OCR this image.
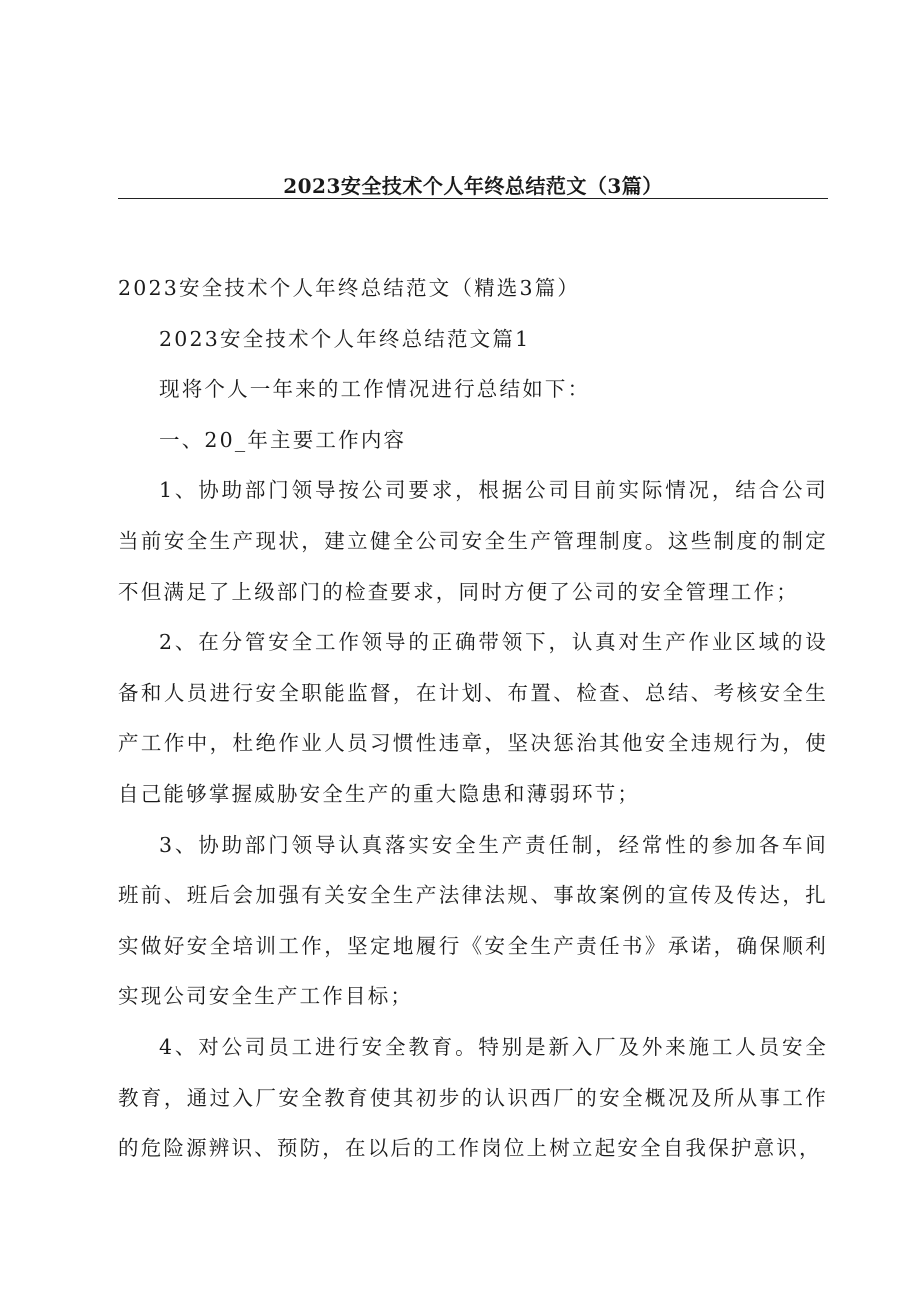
2023安全技术个人年终总结范文（3篇）

2023安全技术个人年终总结范文（精选3篇）

2023安全技术个人年终总结范文篇1

现将个人一年来的工作情况进行总结如下：

一、20_年主要工作内容

1、协助部门领导按公司要求，根据公司目前实际情况，结合公司当前安全生产现状，建立健全公司安全生产管理制度。这些制度的制定不但满足了上级部门的检查要求，同时方便了公司的安全管理工作；

2、在分管安全工作领导的正确带领下，认真对生产作业区域的设备和人员进行安全职能监督，在计划、布置、检查、总结、考核安全生产工作中，杜绝作业人员习惯性违章，坚决惩治其他安全违规行为，使自己能够掌握威胁安全生产的重大隐患和薄弱环节；

3、协助部门领导认真落实安全生产责任制，经常性的参加各车间班前、班后会加强有关安全生产法律法规、事故案例的宣传及传达，扎实做好安全培训工作，坚定地履行《安全生产责任书》承诺，确保顺利实现公司安全生产工作目标；

4、对公司员工进行安全教育。特别是新入厂及外来施工人员安全教育，通过入厂安全教育使其初步的认识西厂的安全概况及所从事工作的危险源辨识、预防，在以后的工作岗位上树立起安全自我保护意识，
